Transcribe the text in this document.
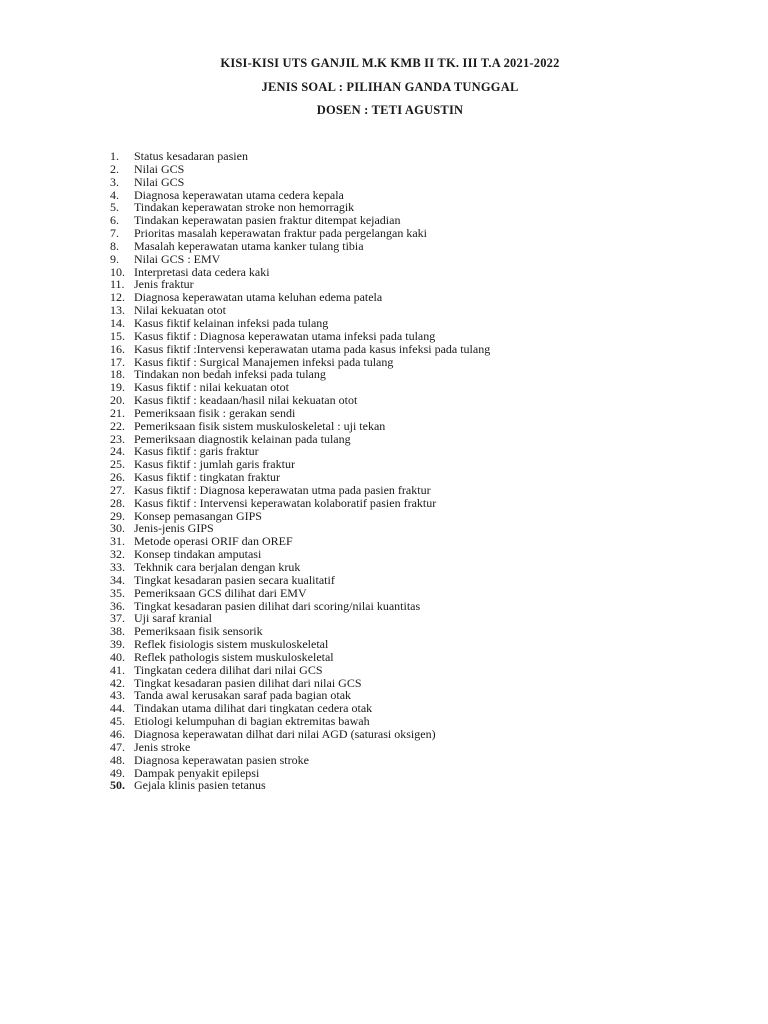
KISI-KISI UTS GANJIL M.K KMB II TK. III T.A 2021-2022
JENIS SOAL : PILIHAN GANDA TUNGGAL
DOSEN : TETI AGUSTIN
1. Status kesadaran pasien
2. Nilai GCS
3. Nilai GCS
4. Diagnosa keperawatan utama cedera kepala
5. Tindakan keperawatan stroke non hemorragik
6. Tindakan keperawatan pasien fraktur ditempat kejadian
7. Prioritas masalah keperawatan fraktur pada pergelangan kaki
8. Masalah keperawatan utama kanker tulang tibia
9. Nilai GCS : EMV
10. Interpretasi data cedera kaki
11. Jenis fraktur
12. Diagnosa keperawatan utama keluhan edema patela
13. Nilai kekuatan otot
14. Kasus fiktif kelainan infeksi pada tulang
15. Kasus fiktif : Diagnosa keperawatan utama infeksi pada tulang
16. Kasus fiktif :Intervensi keperawatan utama pada kasus infeksi pada tulang
17. Kasus fiktif : Surgical Manajemen infeksi pada tulang
18. Tindakan non bedah infeksi pada tulang
19. Kasus fiktif : nilai kekuatan otot
20. Kasus fiktif : keadaan/hasil nilai kekuatan otot
21. Pemeriksaan fisik : gerakan sendi
22. Pemeriksaan fisik sistem muskuloskeletal : uji tekan
23. Pemeriksaan diagnostik kelainan pada tulang
24. Kasus fiktif : garis fraktur
25. Kasus fiktif : jumlah garis fraktur
26. Kasus fiktif : tingkatan fraktur
27. Kasus fiktif : Diagnosa keperawatan utma pada pasien fraktur
28. Kasus fiktif : Intervensi keperawatan kolaboratif pasien fraktur
29. Konsep pemasangan GIPS
30. Jenis-jenis GIPS
31. Metode operasi ORIF dan OREF
32. Konsep tindakan amputasi
33. Tekhnik cara berjalan dengan kruk
34. Tingkat kesadaran pasien secara kualitatif
35. Pemeriksaan GCS dilihat dari EMV
36. Tingkat kesadaran pasien dilihat dari scoring/nilai kuantitas
37. Uji saraf kranial
38. Pemeriksaan fisik sensorik
39. Reflek fisiologis sistem muskuloskeletal
40. Reflek pathologis sistem muskuloskeletal
41. Tingkatan cedera dilihat dari nilai GCS
42. Tingkat kesadaran pasien dilihat dari nilai GCS
43. Tanda awal kerusakan saraf pada bagian otak
44. Tindakan utama dilihat dari tingkatan cedera otak
45. Etiologi kelumpuhan di bagian ektremitas bawah
46. Diagnosa keperawatan dilhat dari nilai AGD (saturasi oksigen)
47. Jenis stroke
48. Diagnosa keperawatan pasien stroke
49. Dampak penyakit epilepsi
50. Gejala klinis pasien tetanus
